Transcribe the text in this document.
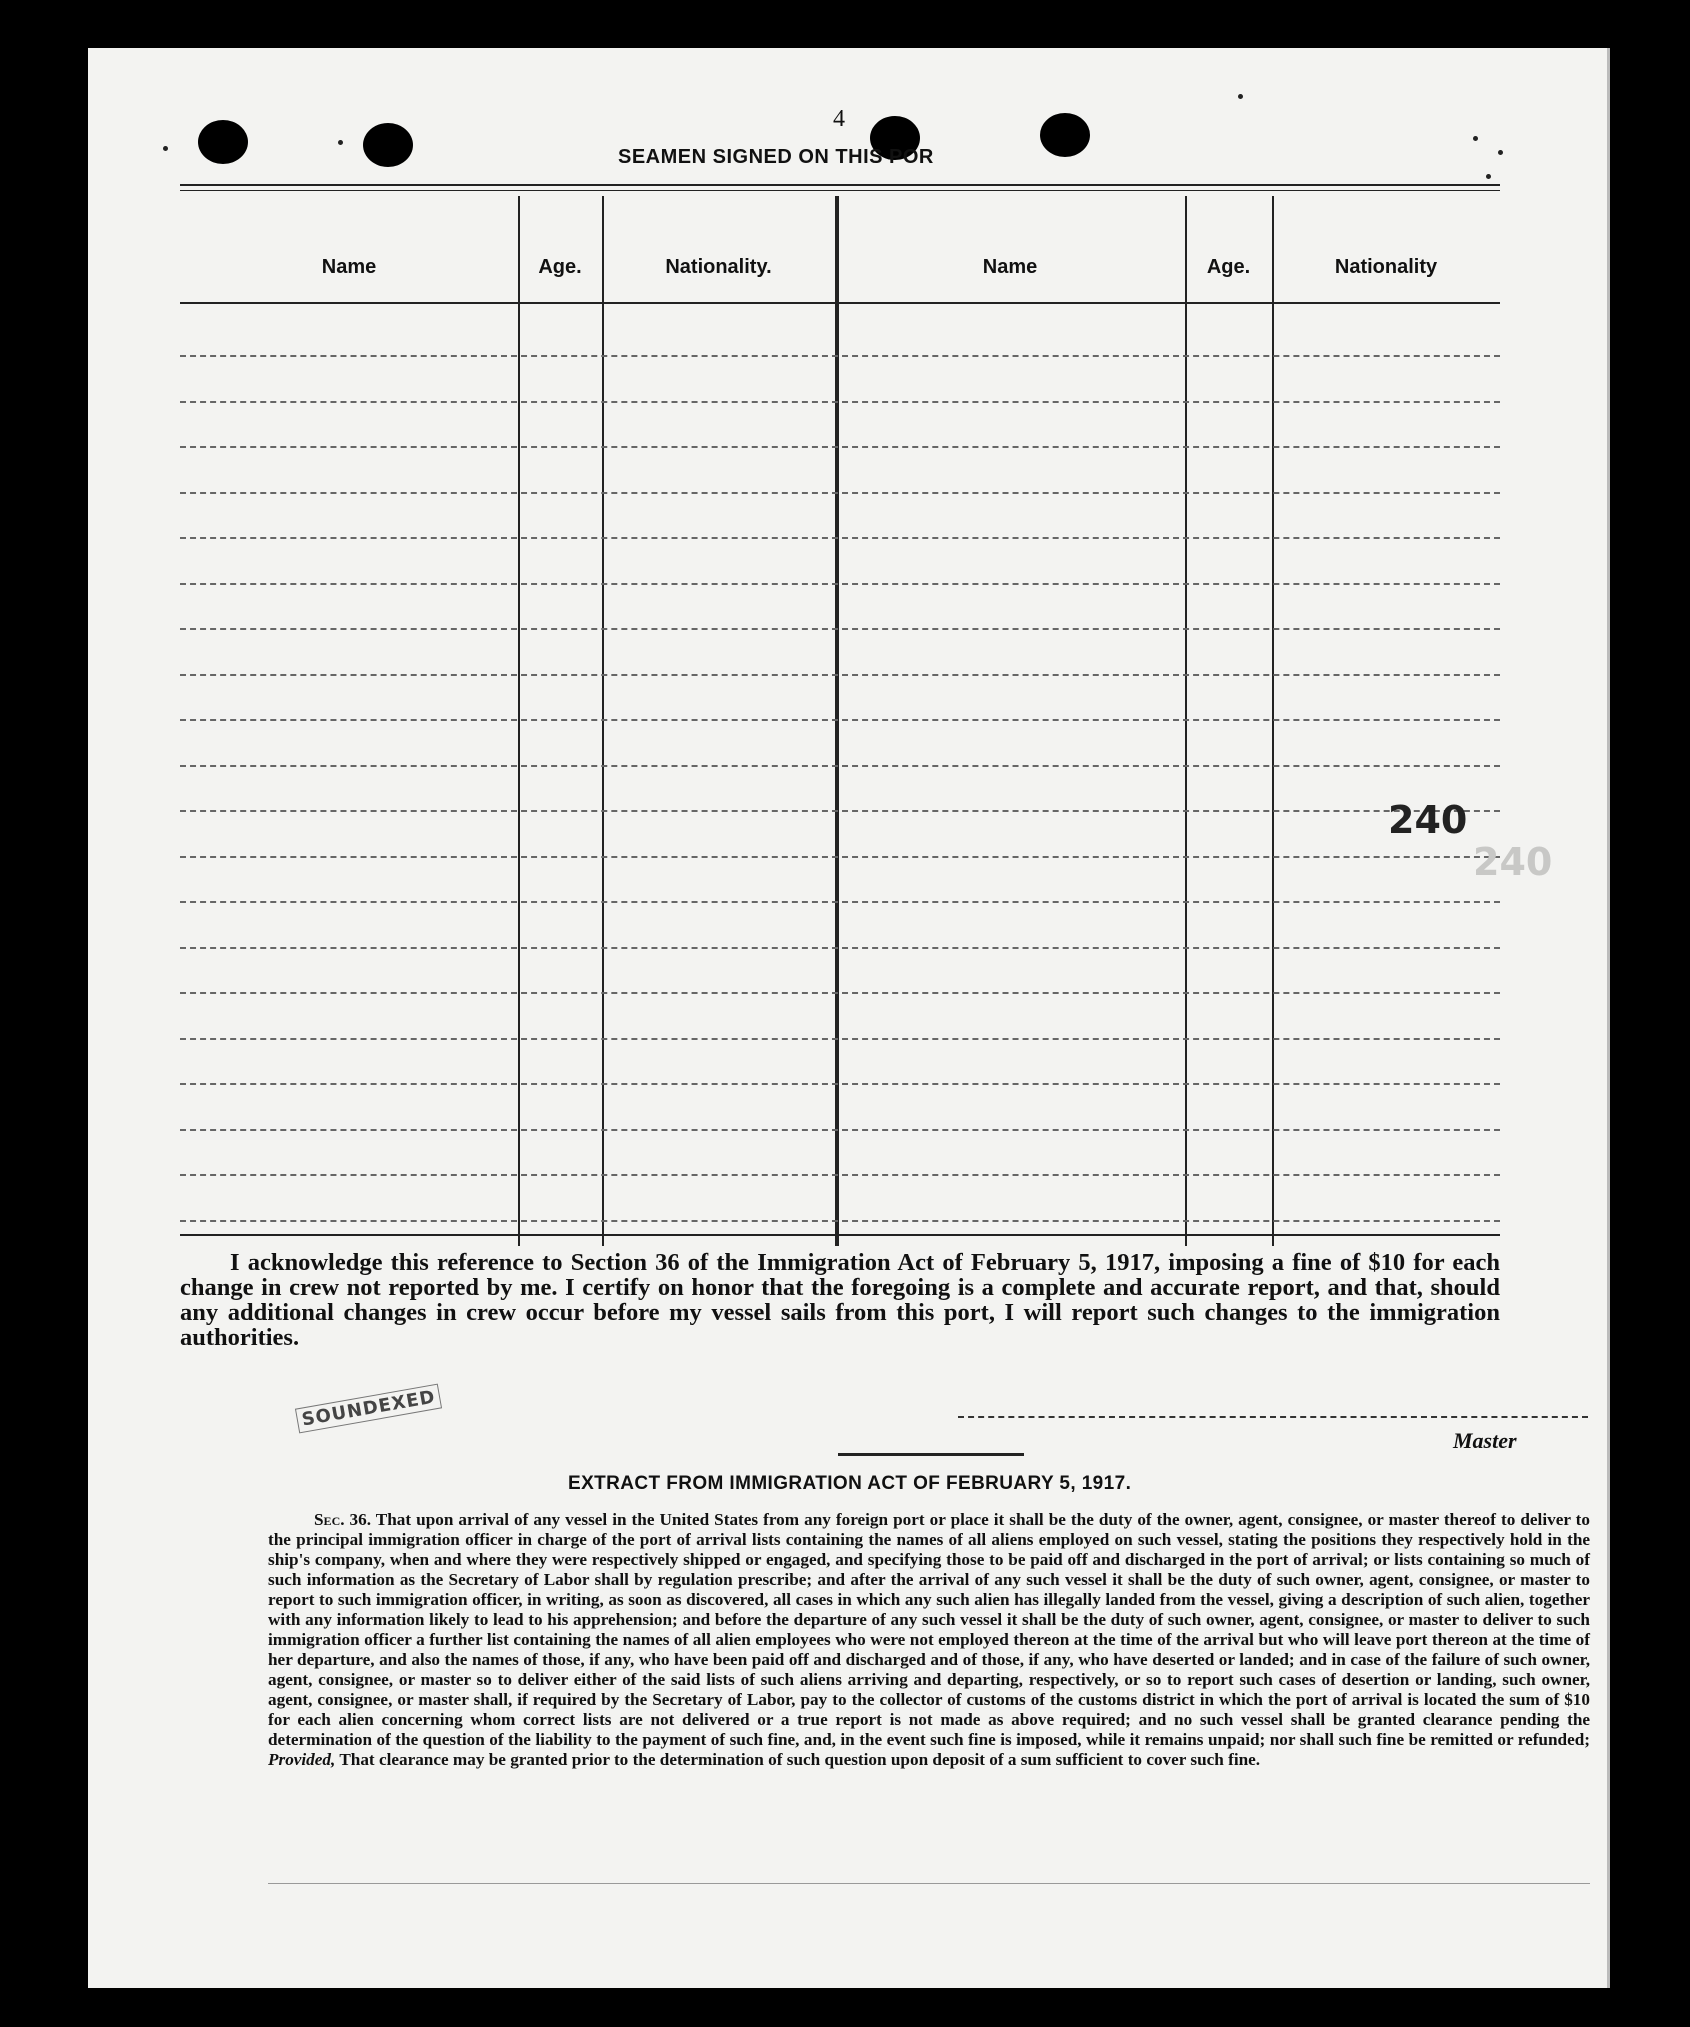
4
SEAMEN SIGNED ON THIS POR
Name	Age.	Nationality.	Name	Age.	Nationality
240
240

I acknowledge this reference to Section 36 of the Immigration Act of February 5, 1917, imposing a fine of $10 for each change in crew not reported by me. I certify on honor that the foregoing is a complete and accurate report, and that, should any additional changes in crew occur before my vessel sails from this port, I will report such changes to the immigration authorities.

SOUNDEXED
Master
EXTRACT FROM IMMIGRATION ACT OF FEBRUARY 5, 1917.

Sec. 36. That upon arrival of any vessel in the United States from any foreign port or place it shall be the duty of the owner, agent, consignee, or master thereof to deliver to the principal immigration officer in charge of the port of arrival lists containing the names of all aliens employed on such vessel, stating the positions they respectively hold in the ship's company, when and where they were respectively shipped or engaged, and specifying those to be paid off and discharged in the port of arrival; or lists containing so much of such information as the Secretary of Labor shall by regulation prescribe; and after the arrival of any such vessel it shall be the duty of such owner, agent, consignee, or master to report to such immigration officer, in writing, as soon as discovered, all cases in which any such alien has illegally landed from the vessel, giving a description of such alien, together with any information likely to lead to his apprehension; and before the departure of any such vessel it shall be the duty of such owner, agent, consignee, or master to deliver to such immigration officer a further list containing the names of all alien employees who were not employed thereon at the time of the arrival but who will leave port thereon at the time of her departure, and also the names of those, if any, who have been paid off and discharged and of those, if any, who have deserted or landed; and in case of the failure of such owner, agent, consignee, or master so to deliver either of the said lists of such aliens arriving and departing, respectively, or so to report such cases of desertion or landing, such owner, agent, consignee, or master shall, if required by the Secretary of Labor, pay to the collector of customs of the customs district in which the port of arrival is located the sum of $10 for each alien concerning whom correct lists are not delivered or a true report is not made as above required; and no such vessel shall be granted clearance pending the determination of the question of the liability to the payment of such fine, and, in the event such fine is imposed, while it remains unpaid; nor shall such fine be remitted or refunded; Provided, That clearance may be granted prior to the determination of such question upon deposit of a sum sufficient to cover such fine.
